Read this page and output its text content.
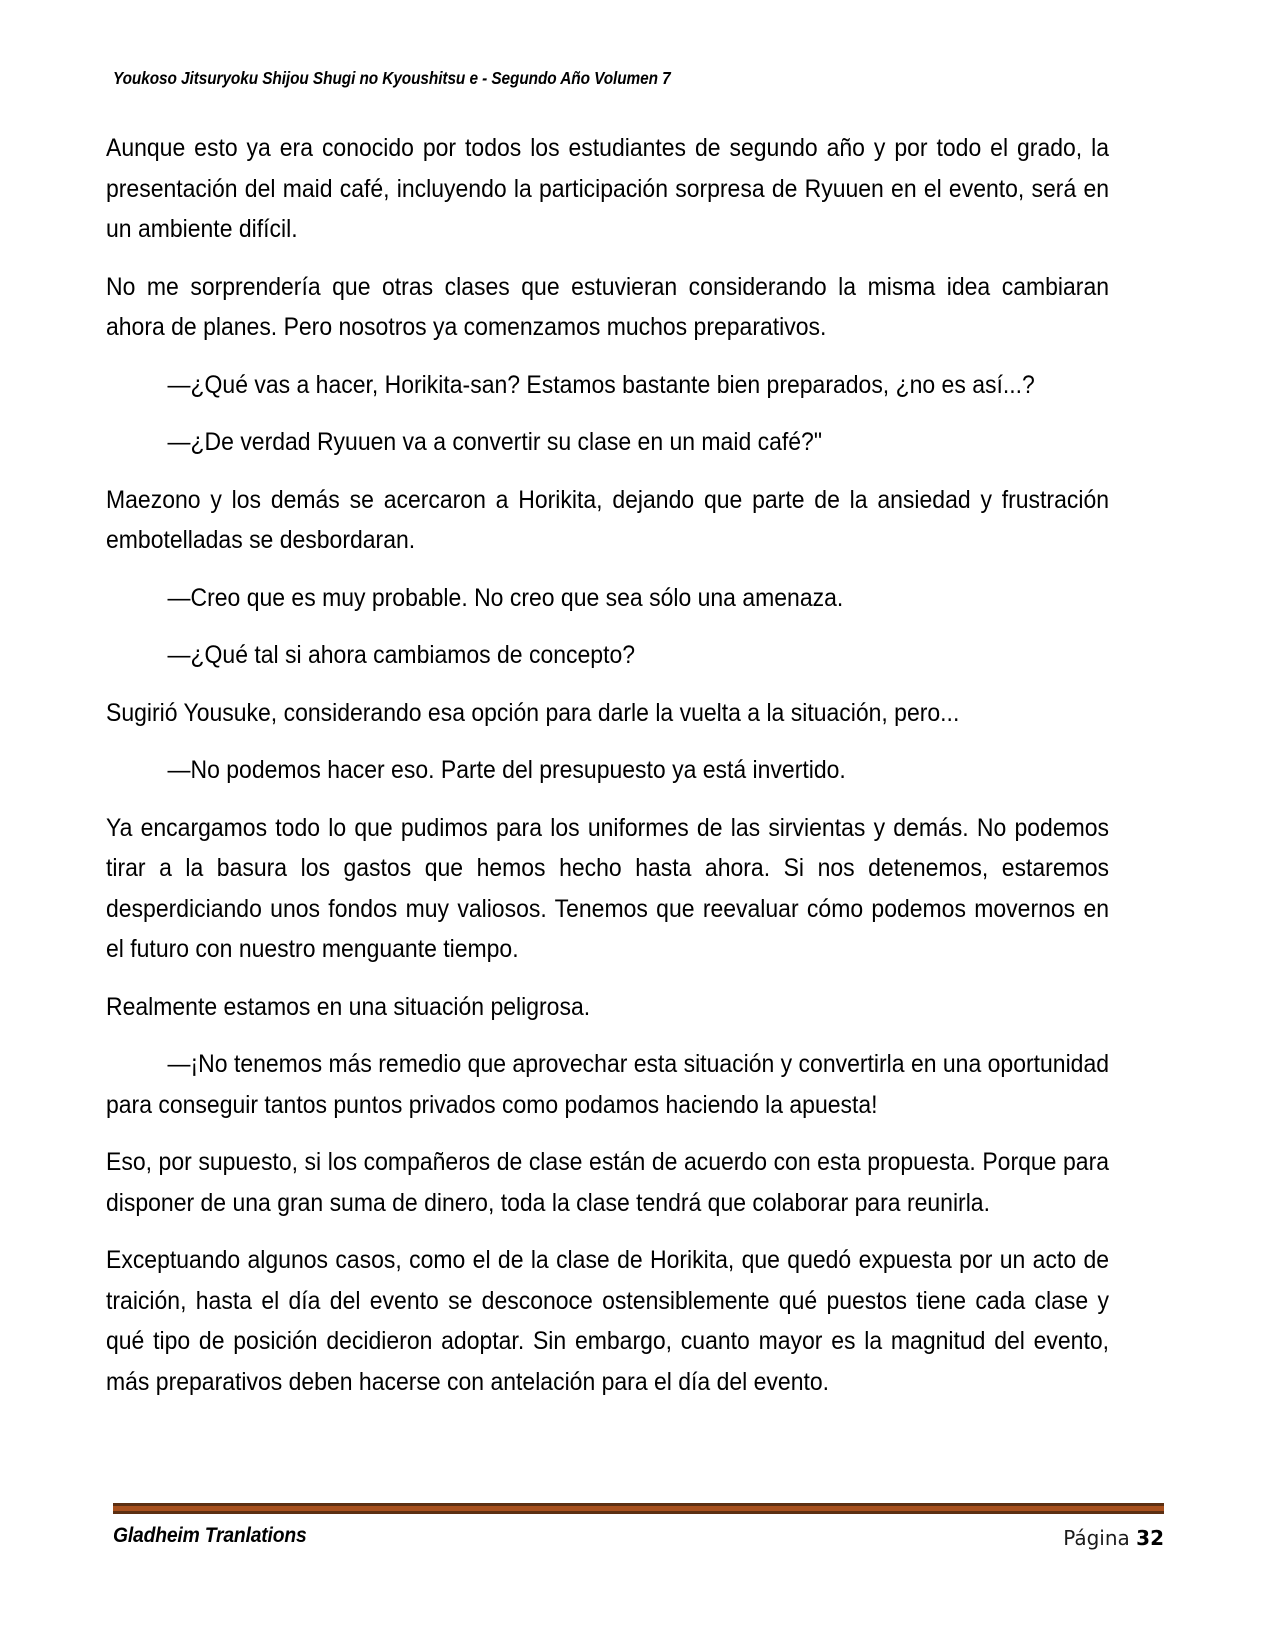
Youkoso Jitsuryoku Shijou Shugi no Kyoushitsu e - Segundo Año Volumen 7

Aunque esto ya era conocido por todos los estudiantes de segundo año y por todo el grado, la presentación del maid café, incluyendo la participación sorpresa de Ryuuen en el evento, será en un ambiente difícil.

No me sorprendería que otras clases que estuvieran considerando la misma idea cambiaran ahora de planes. Pero nosotros ya comenzamos muchos preparativos.

—¿Qué vas a hacer, Horikita-san? Estamos bastante bien preparados, ¿no es así...?

—¿De verdad Ryuuen va a convertir su clase en un maid café?"

Maezono y los demás se acercaron a Horikita, dejando que parte de la ansiedad y frustración embotelladas se desbordaran.

—Creo que es muy probable. No creo que sea sólo una amenaza.

—¿Qué tal si ahora cambiamos de concepto?

Sugirió Yousuke, considerando esa opción para darle la vuelta a la situación, pero...

—No podemos hacer eso. Parte del presupuesto ya está invertido.

Ya encargamos todo lo que pudimos para los uniformes de las sirvientas y demás. No podemos tirar a la basura los gastos que hemos hecho hasta ahora. Si nos detenemos, estaremos desperdiciando unos fondos muy valiosos. Tenemos que reevaluar cómo podemos movernos en el futuro con nuestro menguante tiempo.

Realmente estamos en una situación peligrosa.

—¡No tenemos más remedio que aprovechar esta situación y convertirla en una oportunidad para conseguir tantos puntos privados como podamos haciendo la apuesta!

Eso, por supuesto, si los compañeros de clase están de acuerdo con esta propuesta. Porque para disponer de una gran suma de dinero, toda la clase tendrá que colaborar para reunirla.

Exceptuando algunos casos, como el de la clase de Horikita, que quedó expuesta por un acto de traición, hasta el día del evento se desconoce ostensiblemente qué puestos tiene cada clase y qué tipo de posición decidieron adoptar. Sin embargo, cuanto mayor es la magnitud del evento, más preparativos deben hacerse con antelación para el día del evento.

Gladheim Tranlations	Página 32
